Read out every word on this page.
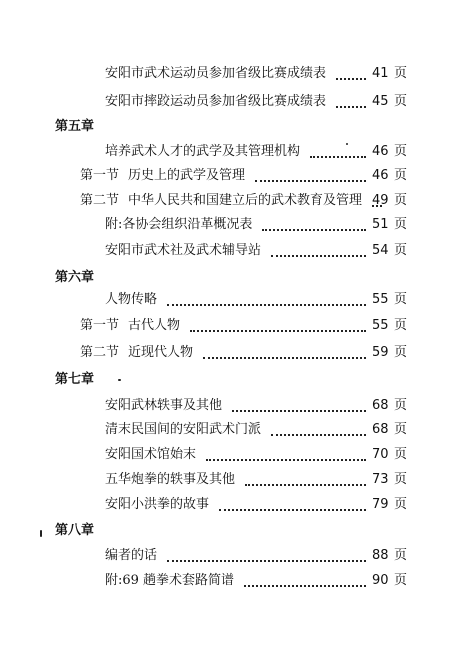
安阳市武术运动员参加省级比赛成绩表	41 页
安阳市摔跤运动员参加省级比赛成绩表	45 页
第五章
培养武术人才的武学及其管理机构	46 页
第一节 历史上的武学及管理	46 页
第二节 中华人民共和国建立后的武术教育及管理 49 页
附:各协会组织沿革概况表	51 页
安阳市武术社及武术辅导站	54 页
第六章
人物传略	55 页
第一节 古代人物	55 页
第二节 近现代人物	59 页
第七章
安阳武林轶事及其他	68 页
清末民国间的安阳武术门派	68 页
安阳国术馆始末	70 页
五华炮拳的轶事及其他	73 页
安阳小洪拳的故事	79 页
第八章
编者的话	88 页
附:69 趟拳术套路简谱	90 页
